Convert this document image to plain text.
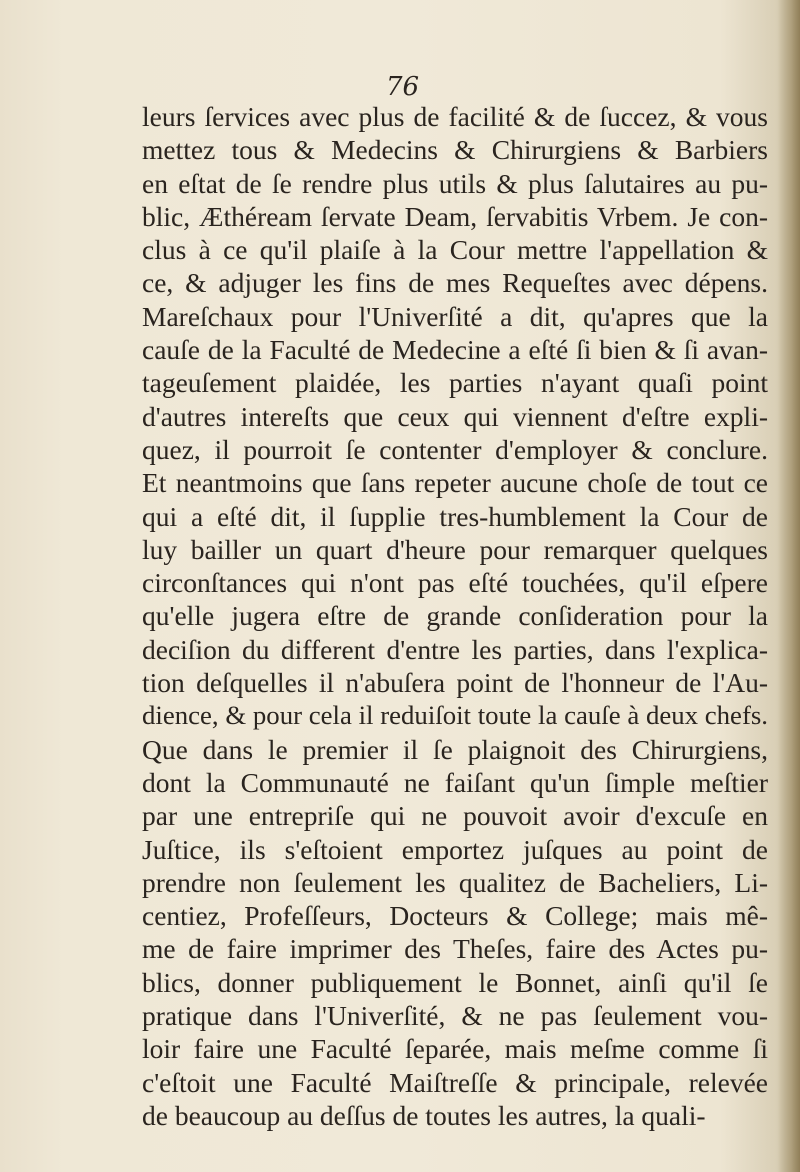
76
leurs ſervices avec plus de facilité & de ſuccez, & vous
mettez tous & Medecins & Chirurgiens & Barbiers
en eſtat de ſe rendre plus utils & plus ſalutaires au pu-
blic, Æthéream ſervate Deam, ſervabitis Vrbem. Je con-
clus à ce qu'il plaiſe à la Cour mettre l'appellation &
ce, & adjuger les fins de mes Requeſtes avec dépens.
Mareſchaux pour l'Univerſité a dit, qu'apres que la
cauſe de la Faculté de Medecine a eſté ſi bien & ſi avan-
tageuſement plaidée, les parties n'ayant quaſi point
d'autres intereſts que ceux qui viennent d'eſtre expli-
quez, il pourroit ſe contenter d'employer & conclure.
Et neantmoins que ſans repeter aucune choſe de tout ce
qui a eſté dit, il ſupplie tres-humblement la Cour de
luy bailler un quart d'heure pour remarquer quelques
circonſtances qui n'ont pas eſté touchées, qu'il eſpere
qu'elle jugera eſtre de grande conſideration pour la
deciſion du different d'entre les parties, dans l'explica-
tion deſquelles il n'abuſera point de l'honneur de l'Au-
dience, & pour cela il reduiſoit toute la cauſe à deux chefs.
Que dans le premier il ſe plaignoit des Chirurgiens,
dont la Communauté ne faiſant qu'un ſimple meſtier
par une entrepriſe qui ne pouvoit avoir d'excuſe en
Juſtice, ils s'eſtoient emportez juſques au point de
prendre non ſeulement les qualitez de Bacheliers, Li-
centiez, Profeſſeurs, Docteurs & College; mais mê-
me de faire imprimer des Theſes, faire des Actes pu-
blics, donner publiquement le Bonnet, ainſi qu'il ſe
pratique dans l'Univerſité, & ne pas ſeulement vou-
loir faire une Faculté ſeparée, mais meſme comme ſi
c'eſtoit une Faculté Maiſtreſſe & principale, relevée
de beaucoup au deſſus de toutes les autres, la quali-
